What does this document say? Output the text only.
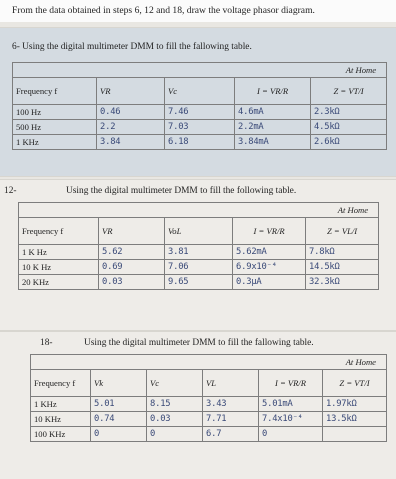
From the data obtained in steps 6, 12 and 18, draw the voltage phasor diagram.
6- Using the digital multimeter DMM to fill the fallowing table.
			At Home	
Frequency f	VR	Vc	I = VR/R	Z = VT/I
100 Hz	0.46	7.46	4.6mA	2.3kΩ
500 Hz	2.2	7.03	2.2mA	4.5kΩ
1 KHz	3.84	6.18	3.84mA	2.6kΩ
12-	Using the digital multimeter DMM to fill the following table.
			At Home	
Frequency f	VR	VoL	I = VR/R	Z = VL/I
1 K Hz	5.62	3.81	5.62mA	7.8kΩ
10 K Hz	0.69	7.06	6.9x10⁻⁴	14.5kΩ
20 KHz	0.03	9.65	0.3μA	32.3kΩ
18-	Using the digital multimeter DMM to fill the fallowing table.
				At Home	
Frequency f	Vk	Vc	VL	I = VR/R	Z = VT/I
1 KHz	5.01	8.15	3.43	5.01mA	1.97kΩ
10 KHz	0.74	0.03	7.71	7.4x10⁻⁴	13.5kΩ
100 KHz	0	0	6.7	0	
